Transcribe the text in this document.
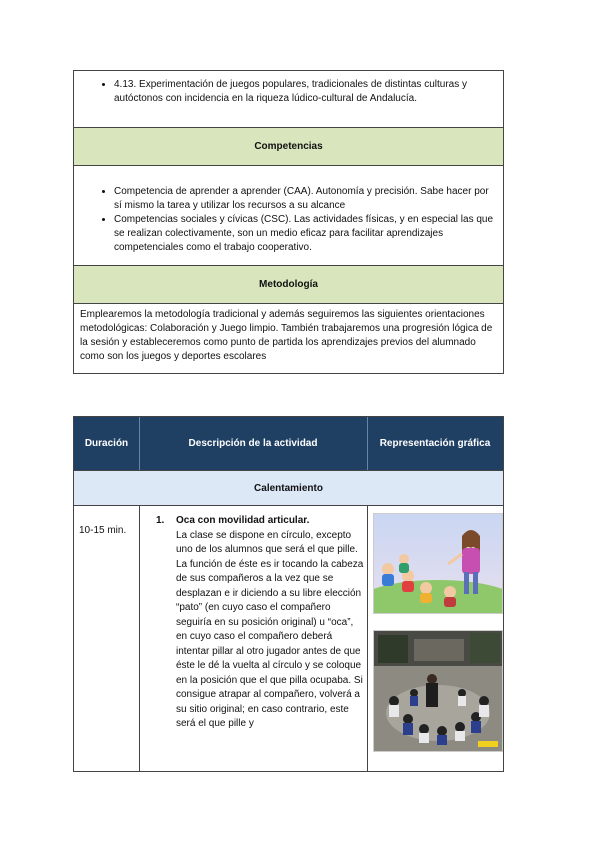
• 4.13. Experimentación de juegos populares, tradicionales de distintas culturas y autóctonos con incidencia en la riqueza lúdico-cultural de Andalucía.
Competencias
• Competencia de aprender a aprender (CAA). Autonomía y precisión. Sabe hacer por sí mismo la tarea y utilizar los recursos a su alcance
• Competencias sociales y cívicas (CSC). Las actividades físicas, y en especial las que se realizan colectivamente, son un medio eficaz para facilitar aprendizajes competenciales como el trabajo cooperativo.
Metodología

Emplearemos la metodología tradicional y además seguiremos las siguientes orientaciones metodológicas: Colaboración y Juego limpio. También trabajaremos una progresión lógica de la sesión y estableceremos como punto de partida los aprendizajes previos del alumnado como son los juegos y deportes escolares

Duración	Descripción de la actividad	Representación gráfica
Calentamiento
10-15 min.
1. Oca con movilidad articular.
La clase se dispone en círculo, excepto uno de los alumnos que será el que pille. La función de éste es ir tocando la cabeza de sus compañeros a la vez que se desplazan e ir diciendo a su libre elección “pato” (en cuyo caso el compañero seguiría en su posición original) u “oca”, en cuyo caso el compañero deberá intentar pillar al otro jugador antes de que éste le dé la vuelta al círculo y se coloque en la posición que el que pilla ocupaba. Si consigue atrapar al compañero, volverá a su sitio original; en caso contrario, este será el que pille y
